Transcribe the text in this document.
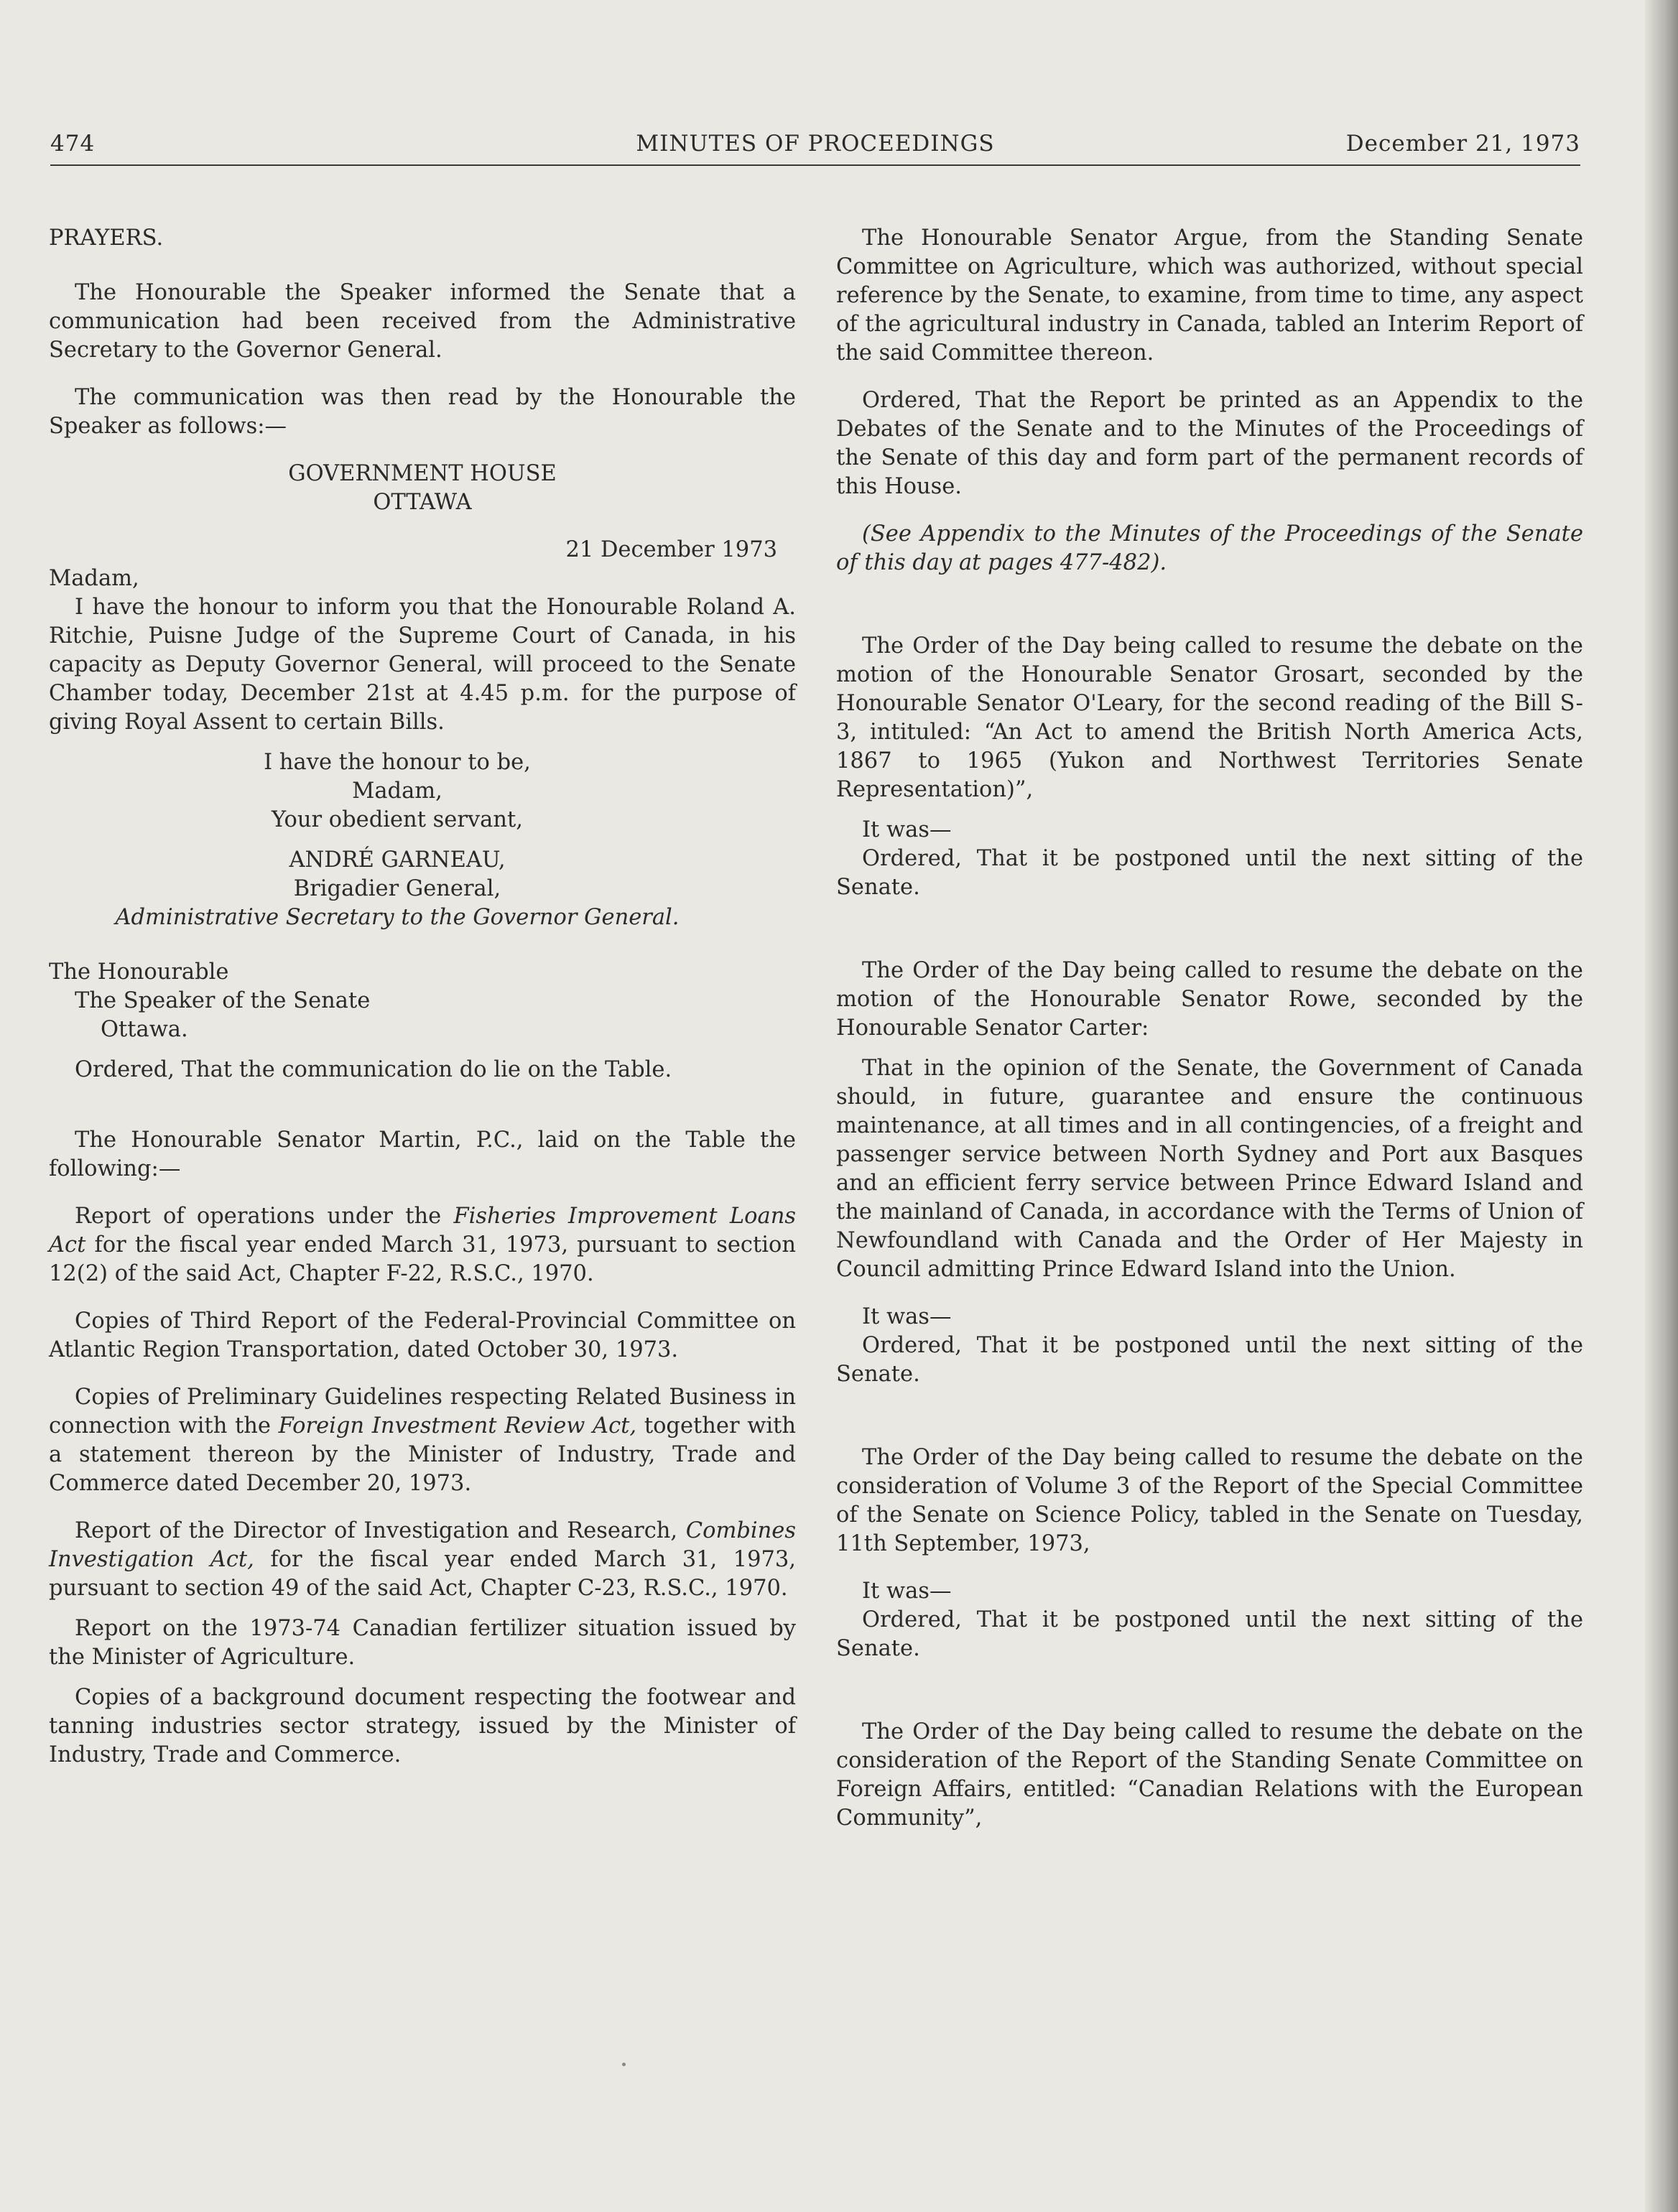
474	MINUTES OF PROCEEDINGS	December 21, 1973

PRAYERS.

The Honourable the Speaker informed the Senate that a communication had been received from the Administrative Secretary to the Governor General.

The communication was then read by the Honourable the Speaker as follows:—

GOVERNMENT HOUSE

OTTAWA

21 December 1973

Madam,

I have the honour to inform you that the Honourable Roland A. Ritchie, Puisne Judge of the Supreme Court of Canada, in his capacity as Deputy Governor General, will proceed to the Senate Chamber today, December 21st at 4.45 p.m. for the purpose of giving Royal Assent to certain Bills.

I have the honour to be,

Madam,

Your obedient servant,

ANDRÉ GARNEAU,

Brigadier General,

Administrative Secretary to the Governor General.

The Honourable

The Speaker of the Senate

Ottawa.

Ordered, That the communication do lie on the Table.

The Honourable Senator Martin, P.C., laid on the Table the following:—

Report of operations under the Fisheries Improvement Loans Act for the fiscal year ended March 31, 1973, pursuant to section 12(2) of the said Act, Chapter F-22, R.S.C., 1970.

Copies of Third Report of the Federal-Provincial Committee on Atlantic Region Transportation, dated October 30, 1973.

Copies of Preliminary Guidelines respecting Related Business in connection with the Foreign Investment Review Act, together with a statement thereon by the Minister of Industry, Trade and Commerce dated December 20, 1973.

Report of the Director of Investigation and Research, Combines Investigation Act, for the fiscal year ended March 31, 1973, pursuant to section 49 of the said Act, Chapter C-23, R.S.C., 1970.

Report on the 1973-74 Canadian fertilizer situation issued by the Minister of Agriculture.

Copies of a background document respecting the footwear and tanning industries sector strategy, issued by the Minister of Industry, Trade and Commerce.

The Honourable Senator Argue, from the Standing Senate Committee on Agriculture, which was authorized, without special reference by the Senate, to examine, from time to time, any aspect of the agricultural industry in Canada, tabled an Interim Report of the said Committee thereon.

Ordered, That the Report be printed as an Appendix to the Debates of the Senate and to the Minutes of the Proceedings of the Senate of this day and form part of the permanent records of this House.

(See Appendix to the Minutes of the Proceedings of the Senate of this day at pages 477-482).

The Order of the Day being called to resume the debate on the motion of the Honourable Senator Grosart, seconded by the Honourable Senator O'Leary, for the second reading of the Bill S-3, intituled: “An Act to amend the British North America Acts, 1867 to 1965 (Yukon and Northwest Territories Senate Representation)”,

It was—

Ordered, That it be postponed until the next sitting of the Senate.

The Order of the Day being called to resume the debate on the motion of the Honourable Senator Rowe, seconded by the Honourable Senator Carter:

That in the opinion of the Senate, the Government of Canada should, in future, guarantee and ensure the continuous maintenance, at all times and in all contingencies, of a freight and passenger service between North Sydney and Port aux Basques and an efficient ferry service between Prince Edward Island and the mainland of Canada, in accordance with the Terms of Union of Newfoundland with Canada and the Order of Her Majesty in Council admitting Prince Edward Island into the Union.

It was—

Ordered, That it be postponed until the next sitting of the Senate.

The Order of the Day being called to resume the debate on the consideration of Volume 3 of the Report of the Special Committee of the Senate on Science Policy, tabled in the Senate on Tuesday, 11th September, 1973,

It was—

Ordered, That it be postponed until the next sitting of the Senate.

The Order of the Day being called to resume the debate on the consideration of the Report of the Standing Senate Committee on Foreign Affairs, entitled: “Canadian Relations with the European Community”,
